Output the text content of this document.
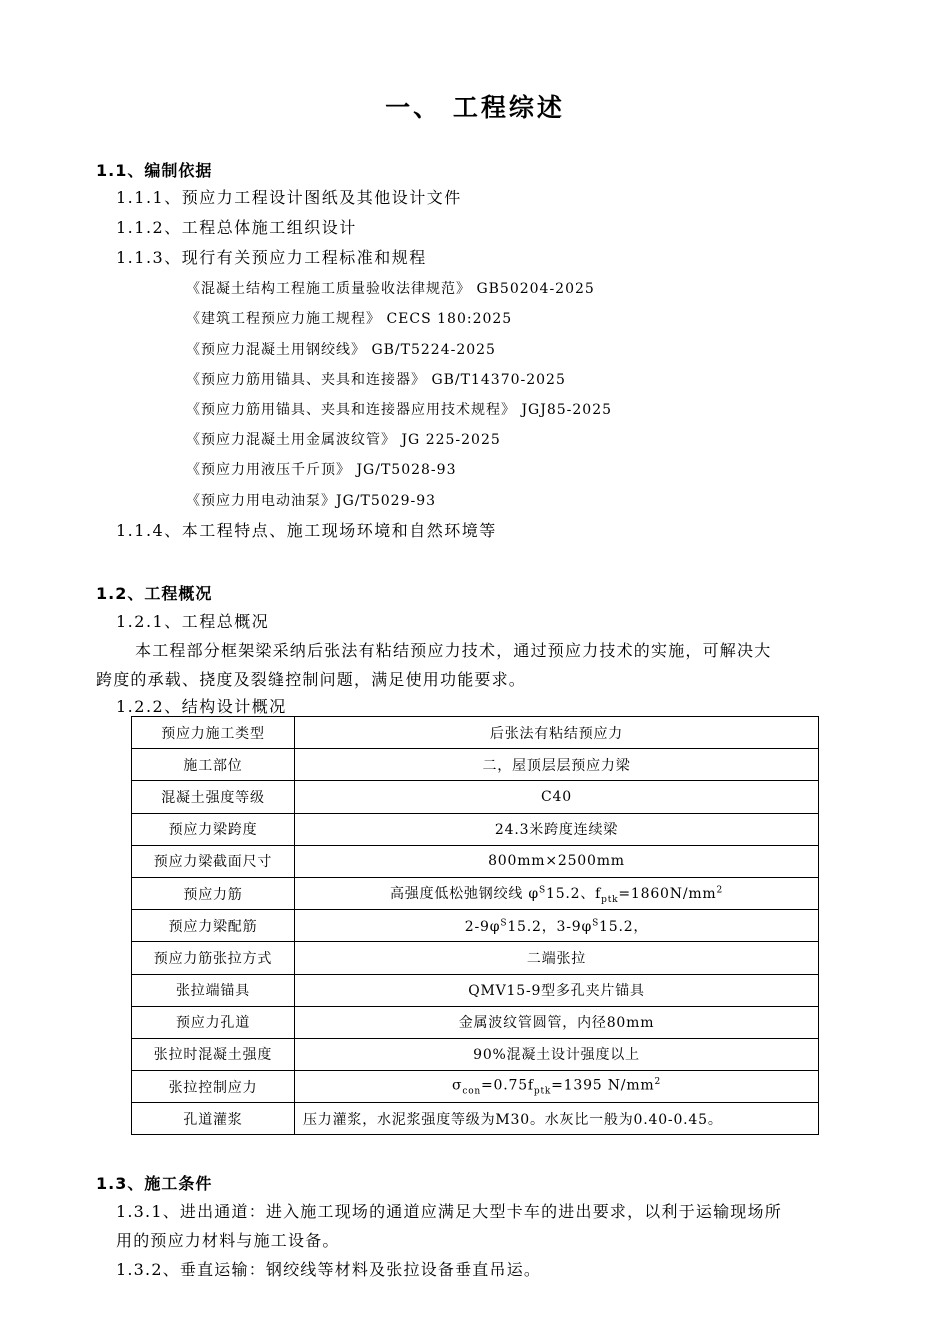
一、 工程综述
1.1、编制依据
1.1.1、预应力工程设计图纸及其他设计文件
1.1.2、工程总体施工组织设计
1.1.3、现行有关预应力工程标准和规程
《混凝土结构工程施工质量验收法律规范》 GB50204-2025
《建筑工程预应力施工规程》 CECS 180:2025
《预应力混凝土用钢绞线》 GB/T5224-2025
《预应力筋用锚具、夹具和连接器》 GB/T14370-2025
《预应力筋用锚具、夹具和连接器应用技术规程》 JGJ85-2025
《预应力混凝土用金属波纹管》 JG 225-2025
《预应力用液压千斤顶》 JG/T5028-93
《预应力用电动油泵》JG/T5029-93
1.1.4、本工程特点、施工现场环境和自然环境等
1.2、工程概况
1.2.1、工程总概况
本工程部分框架梁采纳后张法有粘结预应力技术，通过预应力技术的实施，可解决大
跨度的承载、挠度及裂缝控制问题，满足使用功能要求。
1.2.2、结构设计概况
预应力施工类型	后张法有粘结预应力
施工部位	二，屋顶层层预应力梁
混凝土强度等级	C40
预应力梁跨度	24.3米跨度连续梁
预应力梁截面尺寸	800mm×2500mm
预应力筋	高强度低松弛钢绞线 $\varphi^S15.2$、$f_{ptk}=1860N/mm^2$
预应力梁配筋	$2-9\varphi^S15.2$，$3-9\varphi^S15.2$，
预应力筋张拉方式	二端张拉
张拉端锚具	QMV15-9型多孔夹片锚具
预应力孔道	金属波纹管圆管，内径80mm
张拉时混凝土强度	90%混凝土设计强度以上
张拉控制应力	$\sigma_{con}=0.75f_{ptk}=1395$ $N/mm^2$
孔道灌浆	压力灌浆，水泥浆强度等级为M30。水灰比一般为0.40-0.45。
1.3、施工条件
1.3.1、进出通道：进入施工现场的通道应满足大型卡车的进出要求，以利于运输现场所
用的预应力材料与施工设备。
1.3.2、垂直运输：钢绞线等材料及张拉设备垂直吊运。
